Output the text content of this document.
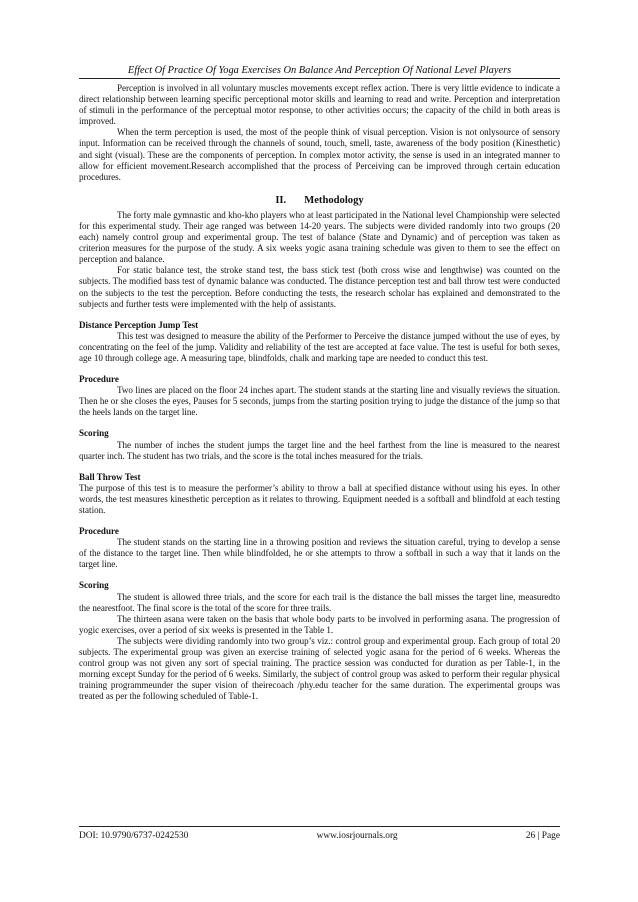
Effect Of Practice Of Yoga Exercises On Balance And Perception Of National Level Players

Perception is involved in all voluntary muscles movements except reflex action. There is very little evidence to indicate a direct relationship between learning specific perceptional motor skills and learning to read and write. Perception and interpretation of stimuli in the performance of the perceptual motor response, to other activities occurs; the capacity of the child in both areas is improved.

When the term perception is used, the most of the people think of visual perception. Vision is not onlysource of sensory input. Information can be received through the channels of sound, touch, smell, taste, awareness of the body position (Kinesthetic) and sight (visual). These are the components of perception. In complex motor activity, the sense is used in an integrated manner to allow for efficient movement.Research accomplished that the process of Perceiving can be improved through certain education procedures.

II. Methodology

The forty male gymnastic and kho-kho players who at least participated in the National level Championship were selected for this experimental study. Their age ranged was between 14-20 years. The subjects were divided randomly into two groups (20 each) namely control group and experimental group. The test of balance (State and Dynamic) and of perception was taken as criterion measures for the purpose of the study. A six weeks yogic asana training schedule was given to them to see the effect on perception and balance.

For static balance test, the stroke stand test, the bass stick test (both cross wise and lengthwise) was counted on the subjects. The modified bass test of dynamic balance was conducted. The distance perception test and ball throw test were conducted on the subjects to the test the perception. Before conducting the tests, the research scholar has explained and demonstrated to the subjects and further tests were implemented with the help of assistants.

Distance Perception Jump Test

This test was designed to measure the ability of the Performer to Perceive the distance jumped without the use of eyes, by concentrating on the feel of the jump. Validity and reliability of the test are accepted at face value. The test is useful for both sexes, age 10 through college age. A measuring tape, blindfolds, chalk and marking tape are needed to conduct this test.

Procedure

Two lines are placed on the floor 24 inches apart. The student stands at the starting line and visually reviews the situation. Then he or she closes the eyes, Pauses for 5 seconds, jumps from the starting position trying to judge the distance of the jump so that the heels lands on the target line.

Scoring

The number of inches the student jumps the target line and the heel farthest from the line is measured to the nearest quarter inch. The student has two trials, and the score is the total inches measured for the trials.

Ball Throw Test

The purpose of this test is to measure the performer’s ability to throw a ball at specified distance without using his eyes. In other words, the test measures kinesthetic perception as it relates to throwing. Equipment needed is a softball and blindfold at each testing station.

Procedure

The student stands on the starting line in a throwing position and reviews the situation careful, trying to develop a sense of the distance to the target line. Then while blindfolded, he or she attempts to throw a softball in such a way that it lands on the target line.

Scoring

The student is allowed three trials, and the score for each trail is the distance the ball misses the target line, measuredto the nearestfoot. The final score is the total of the score for three trails.

The thirteen asana were taken on the basis that whole body parts to be involved in performing asana. The progression of yogic exercises, over a period of six weeks is presented in the Table 1.

The subjects were dividing randomly into two group’s viz.: control group and experimental group. Each group of total 20 subjects. The experimental group was given an exercise training of selected yogic asana for the period of 6 weeks. Whereas the control group was not given any sort of special training. The practice session was conducted for duration as per Table-1, in the morning except Sunday for the period of 6 weeks. Similarly, the subject of control group was asked to perform their regular physical training programmeunder the super vision of theirecoach /phy.edu teacher for the same duration. The experimental groups was treated as per the following scheduled of Table-1.

DOI: 10.9790/6737-0242530	www.iosrjournals.org	26 | Page
